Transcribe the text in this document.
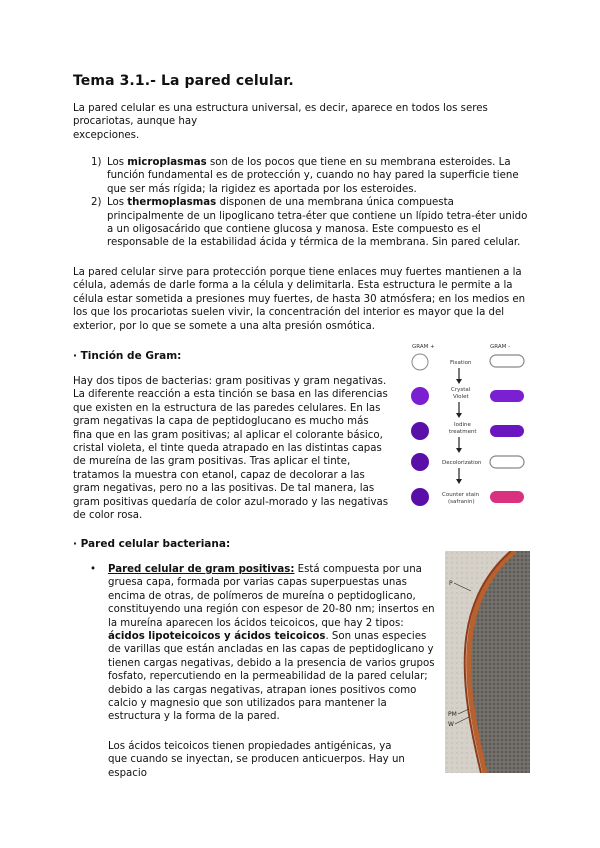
Tema 3.1.- La pared celular.
La pared celular es una estructura universal, es decir, aparece en todos los seres
procariotas, aunque hay
excepciones.
1) Los microplasmas son de los pocos que tiene en su membrana esteroides. La función fundamental es de protección y, cuando no hay pared la superficie tiene que ser más rígida; la rigidez es aportada por los esteroides.
2) Los thermoplasmas disponen de una membrana única compuesta principalmente de un lipoglicano tetra-éter que contiene un lípido tetra-éter unido a un oligosacárido que contiene glucosa y manosa. Este compuesto es el responsable de la estabilidad ácida y térmica de la membrana. Sin pared celular.
La pared celular sirve para protección porque tiene enlaces muy fuertes mantienen a la célula, además de darle forma a la célula y delimitarla. Esta estructura le permite a la célula estar sometida a presiones muy fuertes, de hasta 30 atmósfera; en los medios en los que los procariotas suelen vivir, la concentración del interior es mayor que la del exterior, por lo que se somete a una alta presión osmótica.
· Tinción de Gram:
Hay dos tipos de bacterias: gram positivas y gram negativas. La diferente reacción a esta tinción se basa en las diferencias que existen en la estructura de las paredes celulares. En las gram negativas la capa de peptidoglucano es mucho más fina que en las gram positivas; al aplicar el colorante básico, cristal violeta, el tinte queda atrapado en las distintas capas de mureína de las gram positivas. Tras aplicar el tinte, tratamos la muestra con etanol, capaz de decolorar a las gram negativas, pero no a las positivas. De tal manera, las gram positivas quedaría de color azul-morado y las negativas de color rosa.
GRAM +	GRAM -
Fixation
Crystal
Violet
Iodine
treatment
Decolorization
Counter stain
(safranin)
· Pared celular bacteriana:
• Pared celular de gram positivas: Está compuesta por una gruesa capa, formada por varias capas superpuestas unas encima de otras, de polímeros de mureína o peptidoglicano, constituyendo una región con espesor de 20-80 nm; insertos en la mureína aparecen los ácidos teicoicos, que hay 2 tipos: ácidos lipoteicoicos y ácidos teicoicos. Son unas especies de varillas que están ancladas en las capas de peptidoglicano y tienen cargas negativas, debido a la presencia de varios grupos fosfato, repercutiendo en la permeabilidad de la pared celular; debido a las cargas negativas, atrapan iones positivos como calcio y magnesio que son utilizados para mantener la estructura y la forma de la pared.
Los ácidos teicoicos tienen propiedades antigénicas, ya que cuando se inyectan, se producen anticuerpos. Hay un espacio
P
PM
W
